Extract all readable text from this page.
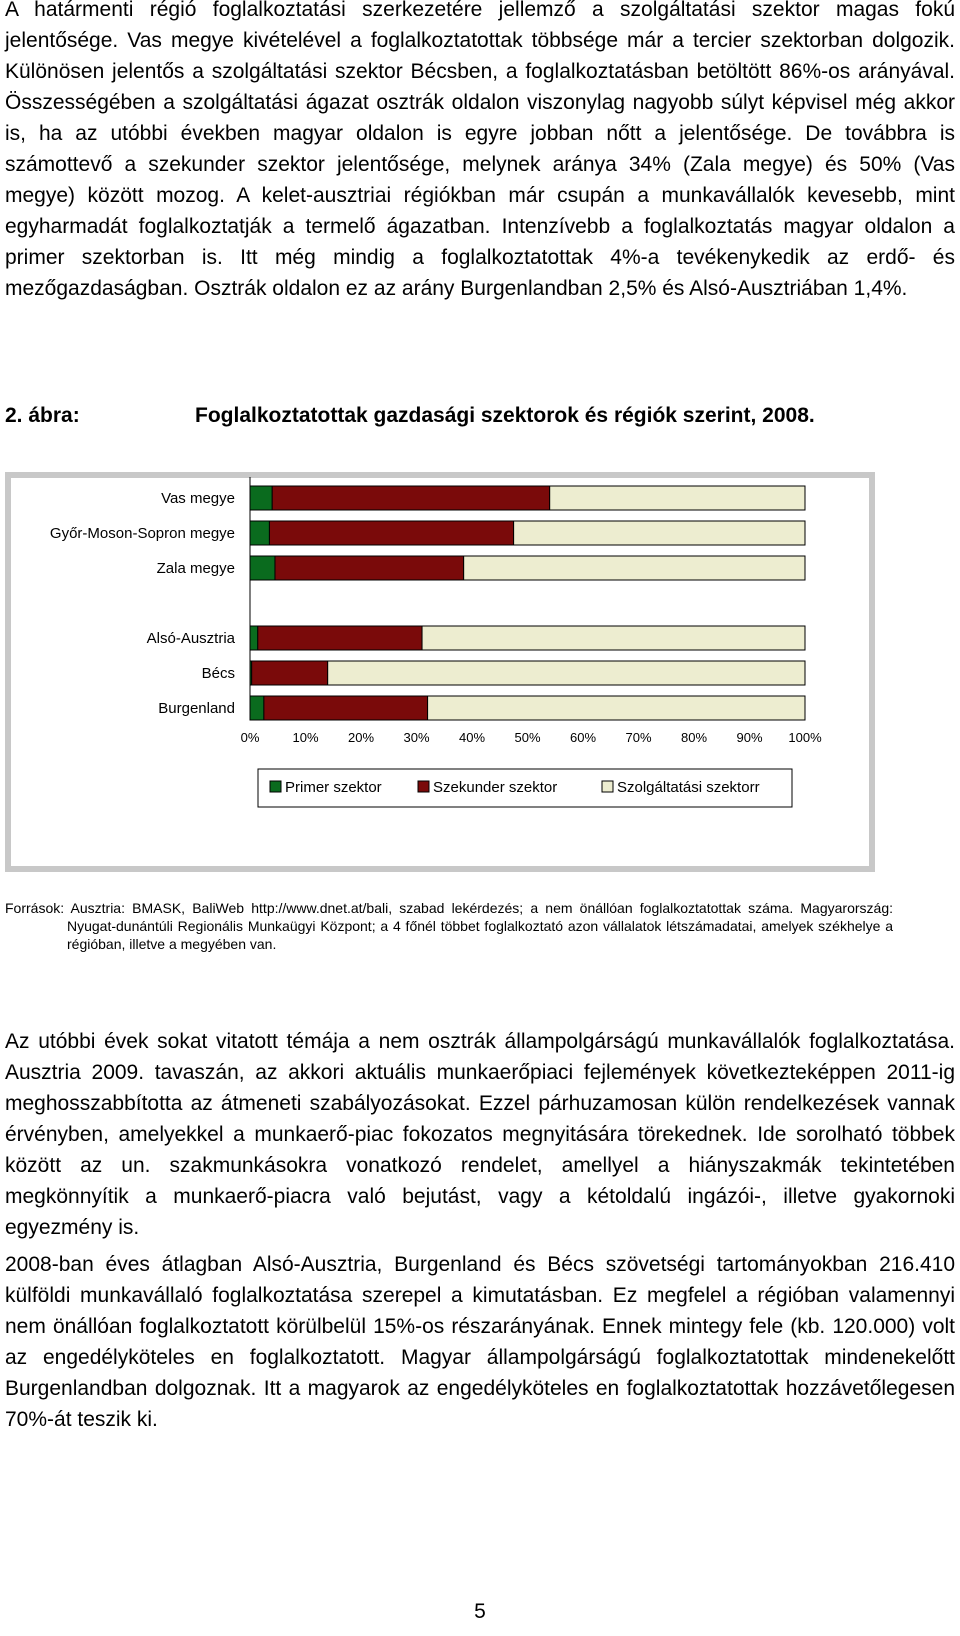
A határmenti régió foglalkoztatási szerkezetére jellemző a szolgáltatási szektor magas fokú jelentősége. Vas megye kivételével a foglalkoztatottak többsége már a tercier szektorban dolgozik. Különösen jelentős a szolgáltatási szektor Bécsben, a foglalkoztatásban betöltött 86%-os arányával. Összességében a szolgáltatási ágazat osztrák oldalon viszonylag nagyobb súlyt képvisel még akkor is, ha az utóbbi években magyar oldalon is egyre jobban nőtt a jelentősége. De továbbra is számottevő a szekunder szektor jelentősége, melynek aránya 34% (Zala megye) és 50% (Vas megye) között mozog. A kelet-ausztriai régiókban már csupán a munkavállalók kevesebb, mint egyharmadát foglalkoztatják a termelő ágazatban. Intenzívebb a foglalkoztatás magyar oldalon a primer szektorban is. Itt még mindig a foglalkoztatottak 4%-a tevékenykedik az erdő- és mezőgazdaságban. Osztrák oldalon ez az arány Burgenlandban 2,5% és Alsó-Ausztriában 1,4%.

2. ábra:	Foglalkoztatottak gazdasági szektorok és régiók szerint, 2008.
Vas megye
Győr-Moson-Sopron megye
Zala megye
Alsó-Ausztria
Bécs
Burgenland
0%	10% 20% 30% 40% 50% 60% 70% 80% 90% 100%
Primer szektor	Szekunder szektor	Szolgáltatási szektorr

Források: Ausztria: BMASK, BaliWeb http://www.dnet.at/bali, szabad lekérdezés; a nem önállóan foglalkoztatottak száma. Magyarország: Nyugat-dunántúli Regionális Munkaügyi Központ; a 4 főnél többet foglalkoztató azon vállalatok létszámadatai, amelyek székhelye a régióban, illetve a megyében van.

Az utóbbi évek sokat vitatott témája a nem osztrák állampolgárságú munkavállalók foglalkoztatása. Ausztria 2009. tavaszán, az akkori aktuális munkaerőpiaci fejlemények következteképpen 2011-ig meghosszabbította az átmeneti szabályozásokat. Ezzel párhuzamosan külön rendelkezések vannak érvényben, amelyekkel a munkaerő-piac fokozatos megnyitására törekednek. Ide sorolható többek között az un. szakmunkásokra vonatkozó rendelet, amellyel a hiányszakmák tekintetében megkönnyítik a munkaerő-piacra való bejutást, vagy a kétoldalú ingázói-, illetve gyakornoki egyezmény is.

2008-ban éves átlagban Alsó-Ausztria, Burgenland és Bécs szövetségi tartományokban 216.410 külföldi munkavállaló foglalkoztatása szerepel a kimutatásban. Ez megfelel a régióban valamennyi nem önállóan foglalkoztatott körülbelül 15%-os részarányának. Ennek mintegy fele (kb. 120.000) volt az engedélyköteles en foglalkoztatott. Magyar állampolgárságú foglalkoztatottak mindenekelőtt Burgenlandban dolgoznak. Itt a magyarok az engedélyköteles en foglalkoztatottak hozzávetőlegesen 70%-át teszik ki.

5
